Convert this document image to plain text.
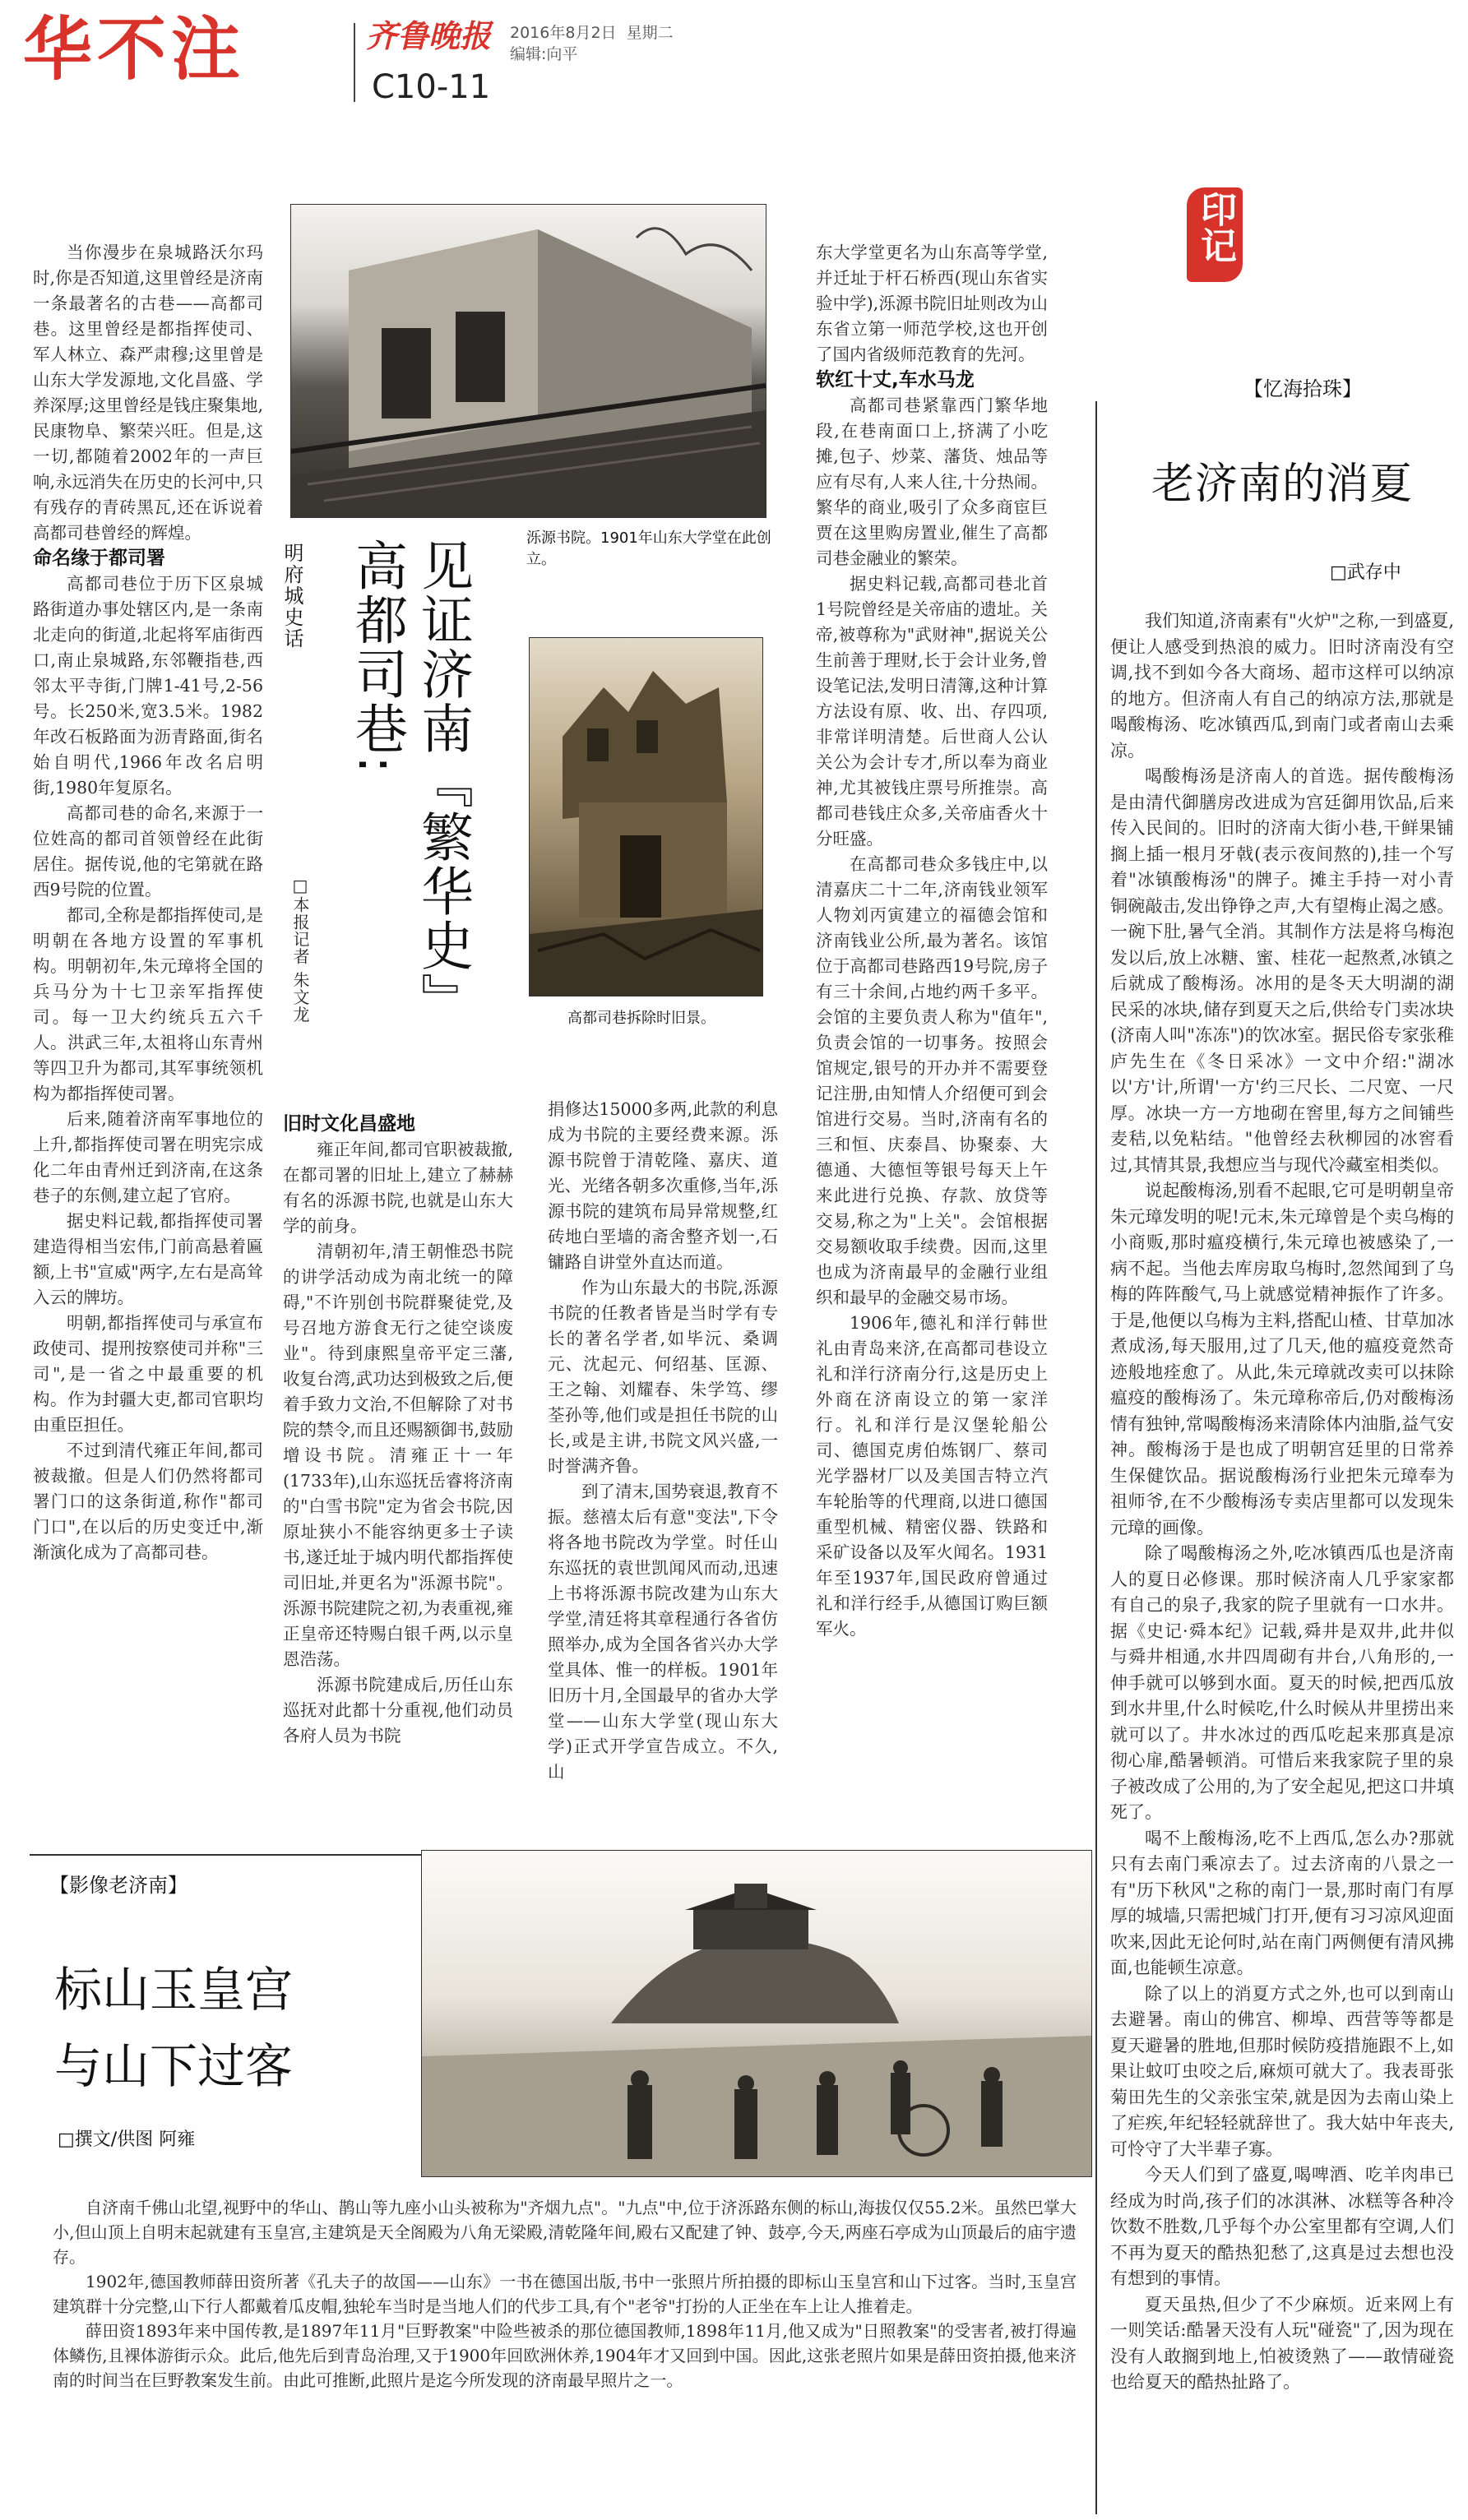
华不注	齐鲁晚报 2016年8月2日 星期二
编辑:向平
C10-11

当你漫步在泉城路沃尔玛时,你是否知道,这里曾经是济南一条最著名的古巷——高都司巷。这里曾经是都指挥使司、军人林立、森严肃穆;这里曾是山东大学发源地,文化昌盛、学养深厚;这里曾经是钱庄聚集地,民康物阜、繁荣兴旺。但是,这一切,都随着2002年的一声巨响,永远消失在历史的长河中,只有残存的青砖黑瓦,还在诉说着高都司巷曾经的辉煌。

命名缘于都司署

高都司巷位于历下区泉城路街道办事处辖区内,是一条南北走向的街道,北起将军庙街西口,南止泉城路,东邻鞭指巷,西邻太平寺街,门牌1-41号,2-56号。长250米,宽3.5米。1982年改石板路面为沥青路面,街名始自明代,1966年改名启明街,1980年复原名。

高都司巷的命名,来源于一位姓高的都司首领曾经在此街居住。据传说,他的宅第就在路西9号院的位置。

都司,全称是都指挥使司,是明朝在各地方设置的军事机构。明朝初年,朱元璋将全国的兵马分为十七卫亲军指挥使司。每一卫大约统兵五六千人。洪武三年,太祖将山东青州等四卫升为都司,其军事统领机构为都指挥使司署。

后来,随着济南军事地位的上升,都指挥使司署在明宪宗成化二年由青州迁到济南,在这条巷子的东侧,建立起了官府。

据史料记载,都指挥使司署建造得相当宏伟,门前高悬着匾额,上书"宣威"两字,左右是高耸入云的牌坊。

明朝,都指挥使司与承宣布政使司、提刑按察使司并称"三司",是一省之中最重要的机构。作为封疆大吏,都司官职均由重臣担任。

不过到清代雍正年间,都司被裁撤。但是人们仍然将都司署门口的这条街道,称作"都司门口",在以后的历史变迁中,渐渐演化成为了高都司巷。

明府城史话 见证济南『繁华史』
高都司巷:
□本报记者 朱文龙
泺源书院。1901年山东大学堂在此创立。
高都司巷拆除时旧景。

旧时文化昌盛地

雍正年间,都司官职被裁撤,在都司署的旧址上,建立了赫赫有名的泺源书院,也就是山东大学的前身。

清朝初年,清王朝惟恐书院的讲学活动成为南北统一的障碍,"不许别创书院群聚徒党,及号召地方游食无行之徒空谈废业"。待到康熙皇帝平定三藩,收复台湾,武功达到极致之后,便着手致力文治,不但解除了对书院的禁令,而且还赐额御书,鼓励增设书院。清雍正十一年(1733年),山东巡抚岳睿将济南的"白雪书院"定为省会书院,因原址狭小不能容纳更多士子读书,遂迁址于城内明代都指挥使司旧址,并更名为"泺源书院"。泺源书院建院之初,为表重视,雍正皇帝还特赐白银千两,以示皇恩浩荡。

泺源书院建成后,历任山东巡抚对此都十分重视,他们动员各府人员为书院

捐修达15000多两,此款的利息成为书院的主要经费来源。泺源书院曾于清乾隆、嘉庆、道光、光绪各朝多次重修,当年,泺源书院的建筑布局异常规整,红砖地白垩墙的斋舍整齐划一,石镛路自讲堂外直达而道。

作为山东最大的书院,泺源书院的任教者皆是当时学有专长的著名学者,如毕沅、桑调元、沈起元、何绍基、匡源、王之翰、刘耀春、朱学笃、缪荃孙等,他们或是担任书院的山长,或是主讲,书院文风兴盛,一时誉满齐鲁。

到了清末,国势衰退,教育不振。慈禧太后有意"变法",下令将各地书院改为学堂。时任山东巡抚的袁世凯闻风而动,迅速上书将泺源书院改建为山东大学堂,清廷将其章程通行各省仿照举办,成为全国各省兴办大学堂具体、惟一的样板。1901年旧历十月,全国最早的省办大学堂——山东大学堂(现山东大学)正式开学宣告成立。不久,山

东大学堂更名为山东高等学堂,并迁址于杆石桥西(现山东省实验中学),泺源书院旧址则改为山东省立第一师范学校,这也开创了国内省级师范教育的先河。

软红十丈,车水马龙

高都司巷紧靠西门繁华地段,在巷南面口上,挤满了小吃摊,包子、炒菜、藩货、烛品等应有尽有,人来人往,十分热闹。繁华的商业,吸引了众多商宦巨贾在这里购房置业,催生了高都司巷金融业的繁荣。

据史料记载,高都司巷北首1号院曾经是关帝庙的遗址。关帝,被尊称为"武财神",据说关公生前善于理财,长于会计业务,曾设笔记法,发明日清簿,这种计算方法设有原、收、出、存四项,非常详明清楚。后世商人公认关公为会计专才,所以奉为商业神,尤其被钱庄票号所推崇。高都司巷钱庄众多,关帝庙香火十分旺盛。

在高都司巷众多钱庄中,以清嘉庆二十二年,济南钱业领军人物刘丙寅建立的福德会馆和济南钱业公所,最为著名。该馆位于高都司巷路西19号院,房子有三十余间,占地约两千多平。会馆的主要负责人称为"值年",负责会馆的一切事务。按照会馆规定,银号的开办并不需要登记注册,由知情人介绍便可到会馆进行交易。当时,济南有名的三和恒、庆泰昌、协聚泰、大德通、大德恒等银号每天上午来此进行兑换、存款、放贷等交易,称之为"上关"。会馆根据交易额收取手续费。因而,这里也成为济南最早的金融行业组织和最早的金融交易市场。

1906年,德礼和洋行韩世礼由青岛来济,在高都司巷设立礼和洋行济南分行,这是历史上外商在济南设立的第一家洋行。礼和洋行是汉堡轮船公司、德国克虏伯炼钢厂、蔡司光学器材厂以及美国吉特立汽车轮胎等的代理商,以进口德国重型机械、精密仪器、铁路和采矿设备以及军火闻名。1931年至1937年,国民政府曾通过礼和洋行经手,从德国订购巨额军火。

印记
【忆海拾珠】
老济南的消夏
□武存中

我们知道,济南素有"火炉"之称,一到盛夏,便让人感受到热浪的威力。旧时济南没有空调,找不到如今各大商场、超市这样可以纳凉的地方。但济南人有自己的纳凉方法,那就是喝酸梅汤、吃冰镇西瓜,到南门或者南山去乘凉。

喝酸梅汤是济南人的首选。据传酸梅汤是由清代御膳房改进成为宫廷御用饮品,后来传入民间的。旧时的济南大街小巷,干鲜果铺搁上插一根月牙戟(表示夜间熬的),挂一个写着"冰镇酸梅汤"的牌子。摊主手持一对小青铜碗敲击,发出铮铮之声,大有望梅止渴之感。一碗下肚,暑气全消。其制作方法是将乌梅泡发以后,放上冰糖、蜜、桂花一起熬煮,冰镇之后就成了酸梅汤。冰用的是冬天大明湖的湖民采的冰块,储存到夏天之后,供给专门卖冰块(济南人叫"冻冻")的饮冰室。据民俗专家张稚庐先生在《冬日采冰》一文中介绍:"湖冰以'方'计,所谓'一方'约三尺长、二尺宽、一尺厚。冰块一方一方地砌在窖里,每方之间铺些麦秸,以免粘结。"他曾经去秋柳园的冰窖看过,其情其景,我想应当与现代冷藏室相类似。

说起酸梅汤,别看不起眼,它可是明朝皇帝朱元璋发明的呢!元末,朱元璋曾是个卖乌梅的小商贩,那时瘟疫横行,朱元璋也被感染了,一病不起。当他去库房取乌梅时,忽然闻到了乌梅的阵阵酸气,马上就感觉精神振作了许多。于是,他便以乌梅为主料,搭配山楂、甘草加冰煮成汤,每天服用,过了几天,他的瘟疫竟然奇迹般地痊愈了。从此,朱元璋就改卖可以抹除瘟疫的酸梅汤了。朱元璋称帝后,仍对酸梅汤情有独钟,常喝酸梅汤来清除体内油脂,益气安神。酸梅汤于是也成了明朝宫廷里的日常养生保健饮品。据说酸梅汤行业把朱元璋奉为祖师爷,在不少酸梅汤专卖店里都可以发现朱元璋的画像。

除了喝酸梅汤之外,吃冰镇西瓜也是济南人的夏日必修课。那时候济南人几乎家家都有自己的泉子,我家的院子里就有一口水井。据《史记·舜本纪》记载,舜井是双井,此井似与舜井相通,水井四周砌有井台,八角形的,一伸手就可以够到水面。夏天的时候,把西瓜放到水井里,什么时候吃,什么时候从井里捞出来就可以了。井水冰过的西瓜吃起来那真是凉彻心扉,酷暑顿消。可惜后来我家院子里的泉子被改成了公用的,为了安全起见,把这口井填死了。

喝不上酸梅汤,吃不上西瓜,怎么办?那就只有去南门乘凉去了。过去济南的八景之一有"历下秋风"之称的南门一景,那时南门有厚厚的城墙,只需把城门打开,便有习习凉风迎面吹来,因此无论何时,站在南门两侧便有清风拂面,也能顿生凉意。

除了以上的消夏方式之外,也可以到南山去避暑。南山的佛宫、柳埠、西营等等都是夏天避暑的胜地,但那时候防疫措施跟不上,如果让蚊叮虫咬之后,麻烦可就大了。我表哥张菊田先生的父亲张宝荣,就是因为去南山染上了疟疾,年纪轻轻就辞世了。我大姑中年丧夫,可怜守了大半辈子寡。

今天人们到了盛夏,喝啤酒、吃羊肉串已经成为时尚,孩子们的冰淇淋、冰糕等各种冷饮数不胜数,几乎每个办公室里都有空调,人们不再为夏天的酷热犯愁了,这真是过去想也没有想到的事情。

夏天虽热,但少了不少麻烦。近来网上有一则笑话:酷暑天没有人玩"碰瓷"了,因为现在没有人敢搁到地上,怕被烫熟了——敢情碰瓷也给夏天的酷热扯路了。

【影像老济南】
标山玉皇宫
与山下过客
□撰文/供图 阿雍

自济南千佛山北望,视野中的华山、鹊山等九座小山头被称为"齐烟九点"。"九点"中,位于济泺路东侧的标山,海拔仅仅55.2米。虽然巴掌大小,但山顶上自明末起就建有玉皇宫,主建筑是天全阁殿为八角无梁殿,清乾隆年间,殿右又配建了钟、鼓亭,今天,两座石亭成为山顶最后的庙宇遗存。

1902年,德国教师薛田资所著《孔夫子的故国——山东》一书在德国出版,书中一张照片所拍摄的即标山玉皇宫和山下过客。当时,玉皇宫建筑群十分完整,山下行人都戴着瓜皮帽,独轮车当时是当地人们的代步工具,有个"老爷"打扮的人正坐在车上让人推着走。

薛田资1893年来中国传教,是1897年11月"巨野教案"中险些被杀的那位德国教师,1898年11月,他又成为"日照教案"的受害者,被打得遍体鳞伤,且裸体游街示众。此后,他先后到青岛治理,又于1900年回欧洲休养,1904年才又回到中国。因此,这张老照片如果是薛田资拍摄,他来济南的时间当在巨野教案发生前。由此可推断,此照片是迄今所发现的济南最早照片之一。
